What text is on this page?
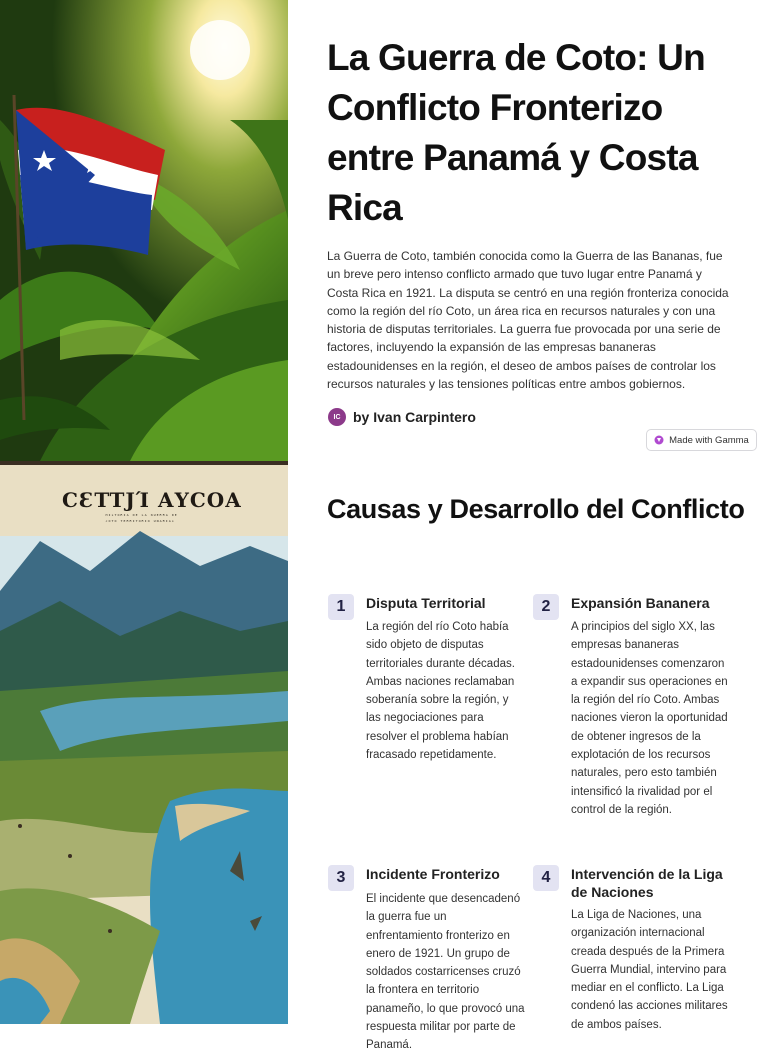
CƐTTJΊ ΑΥCΟΑ
ᴴᴵˢᵀᴼᴿᴵᴬ ᴰᴱ ᴸᴬ ᴳᵁᴱᴿᴿᴬ ᴰᴱ
ᶜᴼᵀᴼ ᵀᴱᴿᴿᴵᵀᴼᴿᴵᴼ ᵁᴺᴬᴿᴵᴬˢ
La Guerra de Coto: Un Conflicto Fronterizo entre Panamá y Costa Rica

La Guerra de Coto, también conocida como la Guerra de las Bananas, fue un breve pero intenso conflicto armado que tuvo lugar entre Panamá y Costa Rica en 1921. La disputa se centró en una región fronteriza conocida como la región del río Coto, un área rica en recursos naturales y con una historia de disputas territoriales. La guerra fue provocada por una serie de factores, incluyendo la expansión de las empresas bananeras estadounidenses en la región, el deseo de ambos países de controlar los recursos naturales y las tensiones políticas entre ambos gobiernos.

IC by Ivan Carpintero
Made with Gamma
Causas y Desarrollo del Conflicto
1	Disputa Territorial

La región del río Coto había sido objeto de disputas territoriales durante décadas. Ambas naciones reclamaban soberanía sobre la región, y las negociaciones para resolver el problema habían fracasado repetidamente.

2	Expansión Bananera

A principios del siglo XX, las empresas bananeras estadounidenses comenzaron a expandir sus operaciones en la región del río Coto. Ambas naciones vieron la oportunidad de obtener ingresos de la explotación de los recursos naturales, pero esto también intensificó la rivalidad por el control de la región.

3	Incidente Fronterizo

El incidente que desencadenó la guerra fue un enfrentamiento fronterizo en enero de 1921. Un grupo de soldados costarricenses cruzó la frontera en territorio panameño, lo que provocó una respuesta militar por parte de Panamá.

4	Intervención de la Liga de Naciones

La Liga de Naciones, una organización internacional creada después de la Primera Guerra Mundial, intervino para mediar en el conflicto. La Liga condenó las acciones militares de ambos países.
